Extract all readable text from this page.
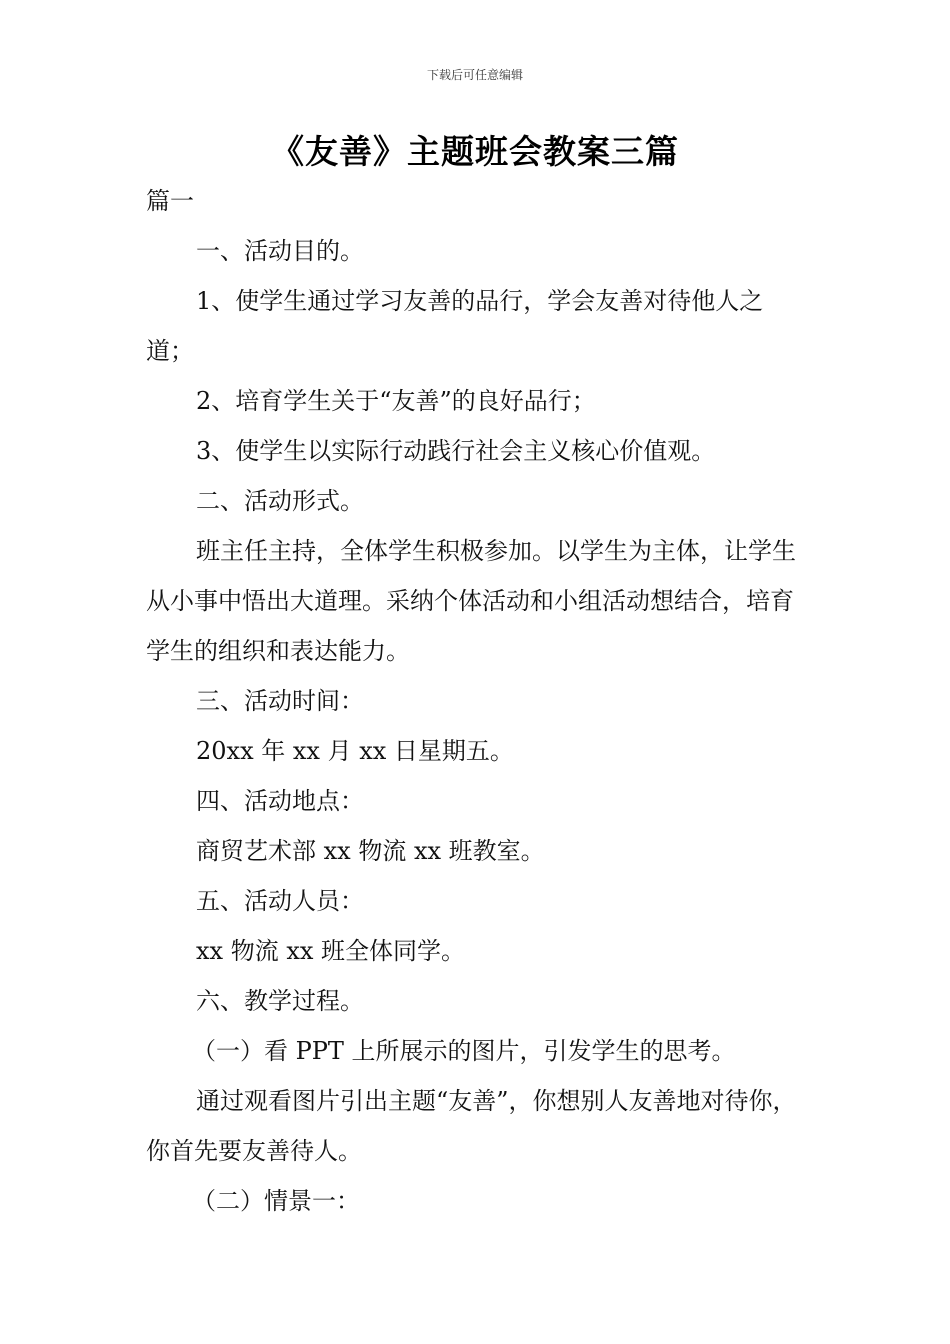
下载后可任意编辑
《友善》主题班会教案三篇

篇一

一、活动目的。

1、使学生通过学习友善的品行，学会友善对待他人之道；

2、培育学生关于“友善”的良好品行；

3、使学生以实际行动践行社会主义核心价值观。

二、活动形式。

班主任主持，全体学生积极参加。以学生为主体，让学生从小事中悟出大道理。采纳个体活动和小组活动想结合，培育学生的组织和表达能力。

三、活动时间：

20xx 年 xx 月 xx 日星期五。

四、活动地点：

商贸艺术部 xx 物流 xx 班教室。

五、活动人员：

xx 物流 xx 班全体同学。

六、教学过程。

（一）看 PPT 上所展示的图片，引发学生的思考。

通过观看图片引出主题“友善”，你想别人友善地对待你，你首先要友善待人。

（二）情景一：
